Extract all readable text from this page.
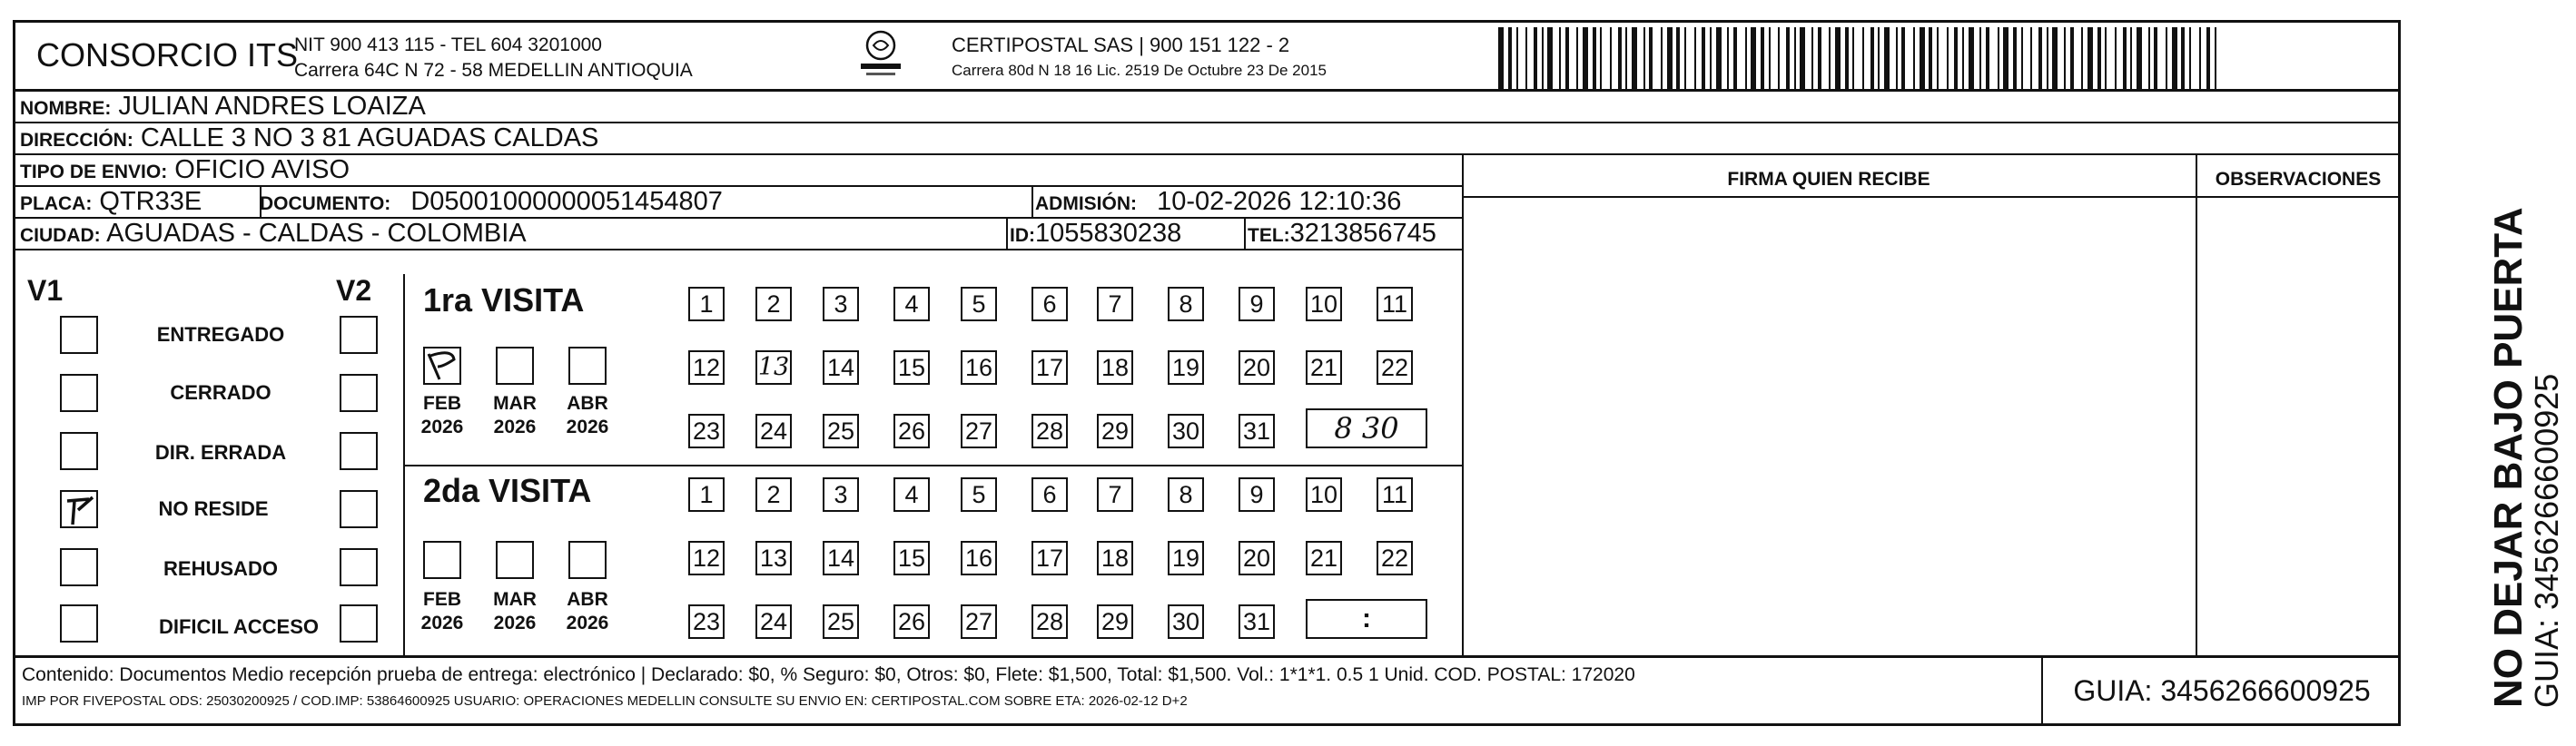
CONSORCIO ITS
NIT 900 413 115 - TEL 604 3201000
Carrera 64C N 72 - 58 MEDELLIN ANTIOQUIA
CERTIPOSTAL SAS | 900 151 122 - 2
Carrera 80d N 18 16 Lic. 2519 De Octubre 23 De 2015
NOMBRE: JULIAN ANDRES LOAIZA
DIRECCIÓN: CALLE 3 NO 3 81 AGUADAS CALDAS
TIPO DE ENVIO: OFICIO AVISO
PLACA: QTR33E	DOCUMENTO: D05001000000051454807	ADMISIÓN: 10-02-2026 12:10:36
CIUDAD: AGUADAS - CALDAS - COLOMBIA	ID:1055830238	TEL:3213856745
FIRMA QUIEN RECIBE	OBSERVACIONES
V1	V2
ENTREGADO
CERRADO
DIR. ERRADA
NO RESIDE
REHUSADO
DIFICIL ACCESO
1ra VISITA
FEB
2026
MAR
2026
ABR
2026
1	2	3	4	5	6	7	8	9	10 11
12 13 14 15 16 17 18 19 20 21 22
23 24 25 26 27 28 29 30 31	8 30
2da VISITA
FEB
2026
MAR
2026
ABR
2026
1	2	3	4	5	6	7	8	9	10 11
12 13 14 15 16 17 18 19 20 21 22
23 24 25 26 27 28 29 30 31	:
Contenido: Documentos Medio recepción prueba de entrega: electrónico | Declarado: $0, % Seguro: $0, Otros: $0, Flete: $1,500, Total: $1,500. Vol.: 1*1*1. 0.5 1 Unid. COD. POSTAL: 172020
IMP POR FIVEPOSTAL ODS: 25030200925 / COD.IMP: 53864600925 USUARIO: OPERACIONES MEDELLIN CONSULTE SU ENVIO EN: CERTIPOSTAL.COM SOBRE ETA: 2026-02-12 D+2	GUIA: 3456266600925	NO DEJAR BAJO PUERTA
GUIA: 3456266600925
